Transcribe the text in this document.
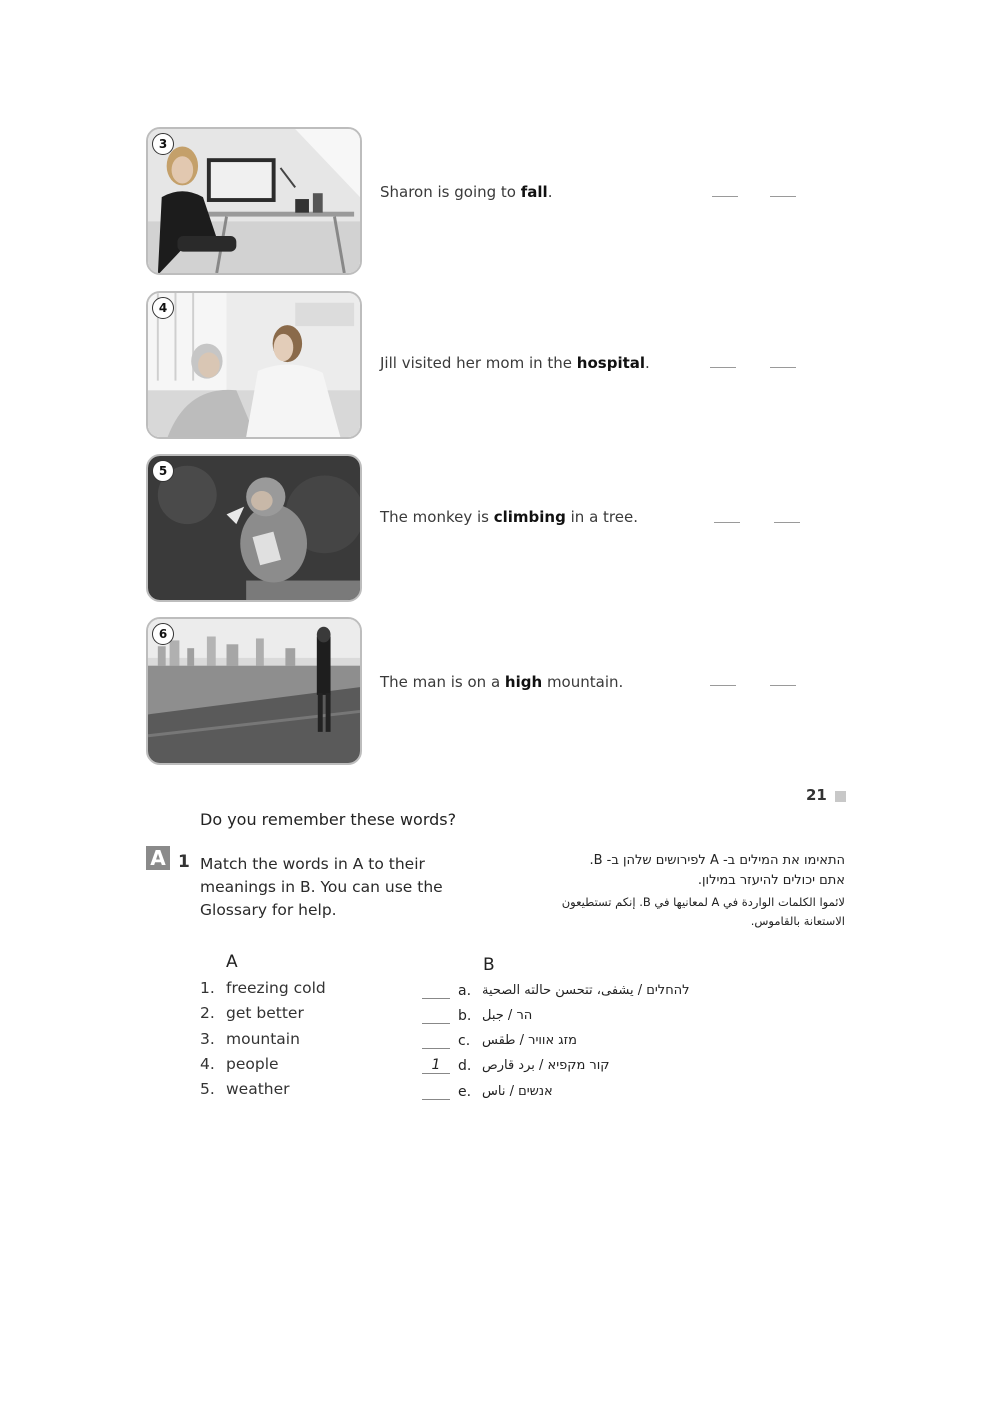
3
Sharon is going to fall.
4
Jill visited her mom in the hospital.
5
The monkey is climbing in a tree.
6
The man is on a high mountain.
21
Do you remember these words?
A 1 Match the words in A to their meanings in B. You can use the Glossary for help.
התאימו את המילים ב- A לפירושים שלהן ב- B.
אתם יכולים להיעזר במילון.
لائموا الكلمات الواردة في A لمعانيها في B. إنكم تستطيعون
الاستعانة بالقاموس.
A	B
1. freezing cold
2. get better
3. mountain
4. people
5. weather
a. להחלים / يشفى، تتحسن حالته الصحية
b. הר / جبل
c. מזג אוויר / طقس
1	d. קור מקפיא / برد قارص
e. אנשים / ناس
